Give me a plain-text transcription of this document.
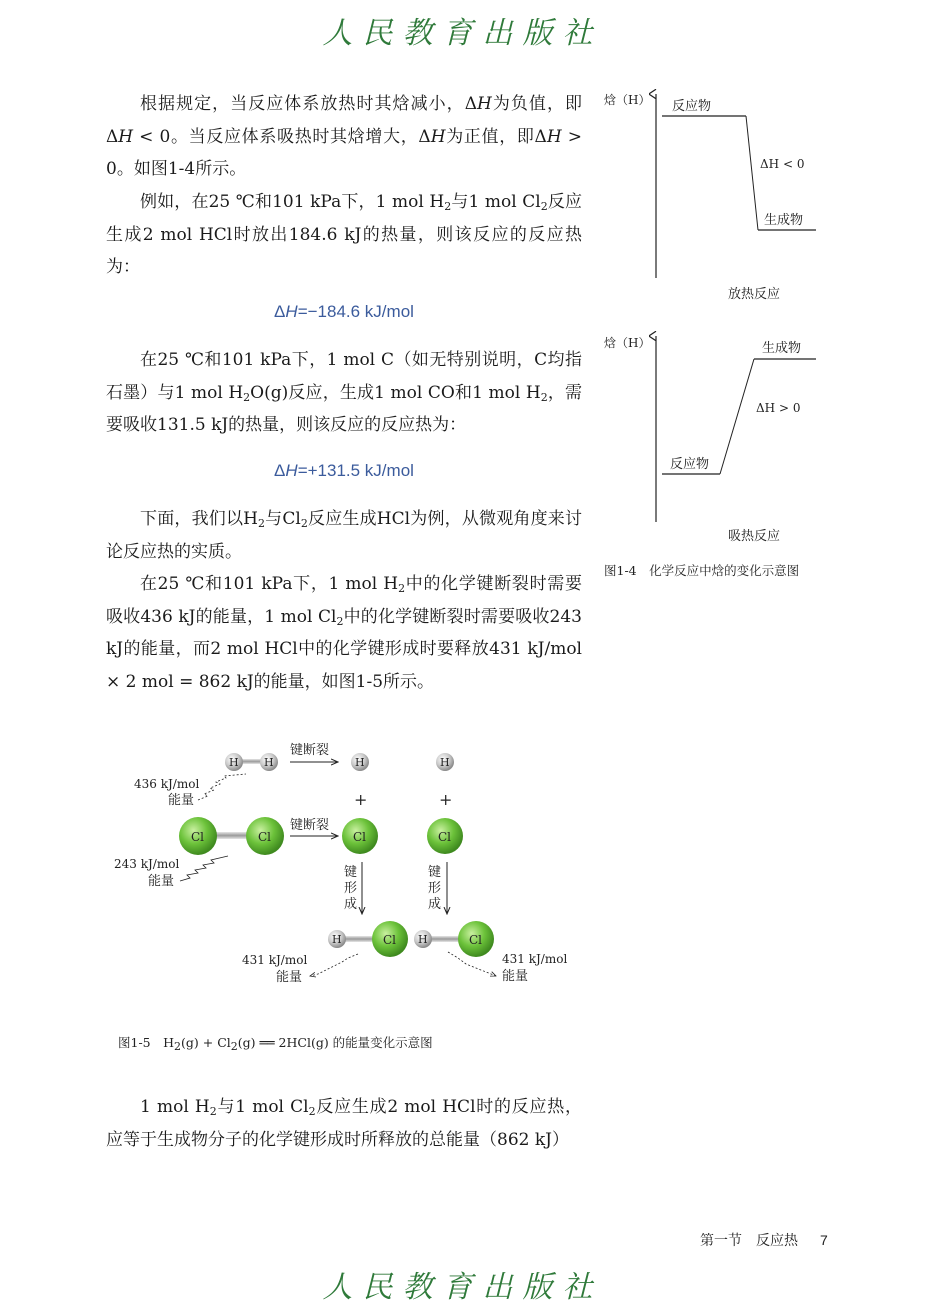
人民教育出版社

根据规定，当反应体系放热时其焓减小，ΔH为负值，即 ΔH < 0。当反应体系吸热时其焓增大，ΔH为正值，即ΔH > 0。如图1-4所示。

例如，在25 ℃和101 kPa下，1 mol $H_2$与1 mol $Cl_2$反应生成2 mol HCl时放出184.6 kJ的热量，则该反应的反应热为：

ΔH=−184.6 kJ/mol

在25 ℃和101 kPa下，1 mol C（如无特别说明，C均指石墨）与1 mol $H_2O(g)$反应，生成1 mol CO和1 mol $H_2$，需要吸收131.5 kJ的热量，则该反应的反应热为：

ΔH=+131.5 kJ/mol

下面，我们以$H_2$与$Cl_2$反应生成HCl为例，从微观角度来讨论反应热的实质。

在25 ℃和101 kPa下，1 mol $H_2$中的化学键断裂时需要吸收436 kJ的能量，1 mol $Cl_2$中的化学键断裂时需要吸收243 kJ的能量，而2 mol HCl中的化学键形成时要释放431 kJ/mol × 2 mol = 862 kJ的能量，如图1-5所示。

焓（H） 反应物
ΔH < 0
生成物
放热反应
焓（H）	生成物
ΔH > 0
反应物
吸热反应
图1-4　化学反应中焓的变化示意图
H H
键断裂
H	H
+	+
436 kJ/mol
能量
Cl	Cl
键断裂
Cl	Cl
243 kJ/mol
能量
键
形
成
键
形
成
H	Cl H	Cl
431 kJ/mol
能量
431 kJ/mol
能量
图1-5　$H_2(g) + Cl_2(g)$ ══ 2HCl(g) 的能量变化示意图

1 mol $H_2$与1 mol $Cl_2$反应生成2 mol HCl时的反应热，应等于生成物分子的化学键形成时所释放的总能量（862 kJ）

第一节　反应热 7
人民教育出版社
